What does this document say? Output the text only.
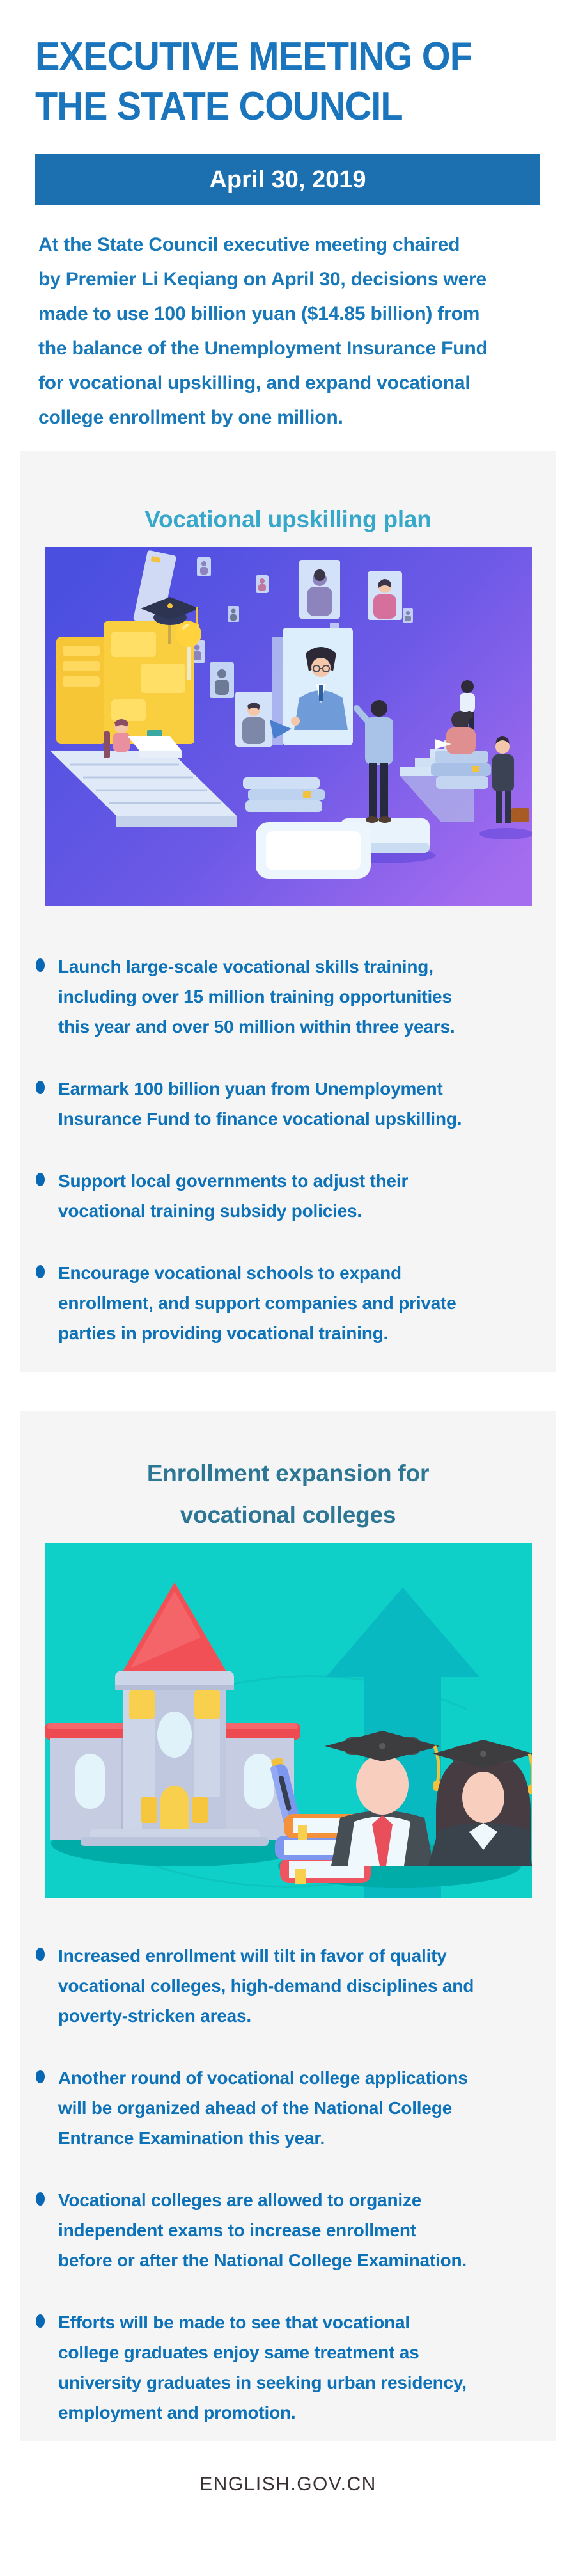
EXECUTIVE MEETING OF
THE STATE COUNCIL
April 30, 2019
At the State Council executive meeting chaired
by Premier Li Keqiang on April 30, decisions were
made to use 100 billion yuan ($14.85 billion) from
the balance of the Unemployment Insurance Fund
for vocational upskilling, and expand vocational
college enrollment by one million.
Vocational upskilling plan
Launch large-scale vocational skills training,
including over 15 million training opportunities
this year and over 50 million within three years.
Earmark 100 billion yuan from Unemployment
Insurance Fund to finance vocational upskilling.
Support local governments to adjust their
vocational training subsidy policies.
Encourage vocational schools to expand
enrollment, and support companies and private
parties in providing vocational training.
Enrollment expansion for
vocational colleges
Increased enrollment will tilt in favor of quality
vocational colleges, high-demand disciplines and
poverty-stricken areas.
Another round of vocational college applications
will be organized ahead of the National College
Entrance Examination this year.
Vocational colleges are allowed to organize
independent exams to increase enrollment
before or after the National College Examination.
Efforts will be made to see that vocational
college graduates enjoy same treatment as
university graduates in seeking urban residency,
employment and promotion.
ENGLISH.GOV.CN
